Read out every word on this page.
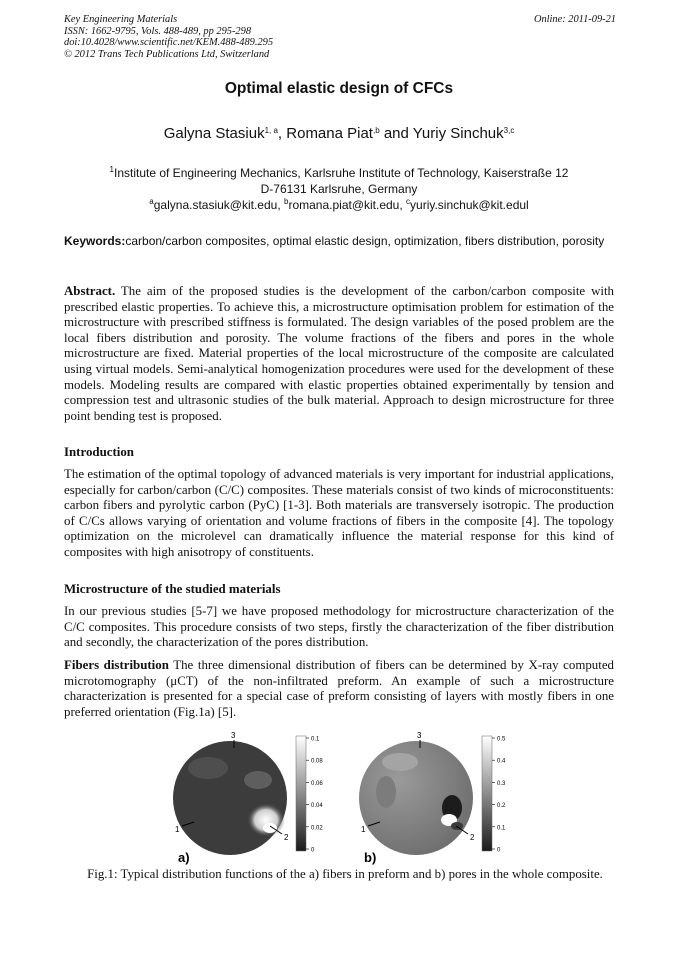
Key Engineering Materials
ISSN: 1662-9795, Vols. 488-489, pp 295-298
doi:10.4028/www.scientific.net/KEM.488-489.295
© 2012 Trans Tech Publications Ltd, Switzerland
Online: 2011-09-21
Optimal elastic design of CFCs
Galyna Stasiuk$^{1, a}$, Romana Piat$^{,b}$ and Yuriy Sinchuk$^{3,c}$
$^1$Institute of Engineering Mechanics, Karlsruhe Institute of Technology, Kaiserstraße 12
D-76131 Karlsruhe, Germany
$^a$galyna.stasiuk@kit.edu, $^b$romana.piat@kit.edu, $^c$yuriy.sinchuk@kit.edul
Keywords:carbon/carbon composites, optimal elastic design, optimization, fibers distribution, porosity

Abstract. The aim of the proposed studies is the development of the carbon/carbon composite with prescribed elastic properties. To achieve this, a microstructure optimisation problem for estimation of the microstructure with prescribed stiffness is formulated. The design variables of the posed problem are the local fibers distribution and porosity. The volume fractions of the fibers and pores in the whole microstructure are fixed. Material properties of the local microstructure of the composite are calculated using virtual models. Semi-analytical homogenization procedures were used for the development of these models. Modeling results are compared with elastic properties obtained experimentally by tension and compression test and ultrasonic studies of the bulk material. Approach to design microstructure for three point bending test is proposed.

Introduction

The estimation of the optimal topology of advanced materials is very important for industrial applications, especially for carbon/carbon (C/C) composites. These materials consist of two kinds of microconstituents: carbon fibers and pyrolytic carbon (PyC) [1-3]. Both materials are transversely isotropic. The production of C/Cs allows varying of orientation and volume fractions of fibers in the composite [4]. The topology optimization on the microlevel can dramatically influence the material response for this kind of composites with high anisotropy of constituents.

Microstructure of the studied materials

In our previous studies [5-7] we have proposed methodology for microstructure characterization of the C/C composites. This procedure consists of two steps, firstly the characterization of the fiber distribution and secondly, the characterization of the pores distribution.

Fibers distribution The three dimensional distribution of fibers can be determined by X-ray computed microtomography (μCT) of the non-infiltrated preform. An example of such a microstructure characterization is presented for a special case of preform consisting of layers with mostly fibers in one preferred orientation (Fig.1a) [5].

3
1
2
a)
0.1
0.08
0.06
0.04
0.02
0
3
1
2
b)
0.5
0.4
0.3
0.2
0.1
0
Fig.1: Typical distribution functions of the a) fibers in preform and b) pores in the whole composite.
